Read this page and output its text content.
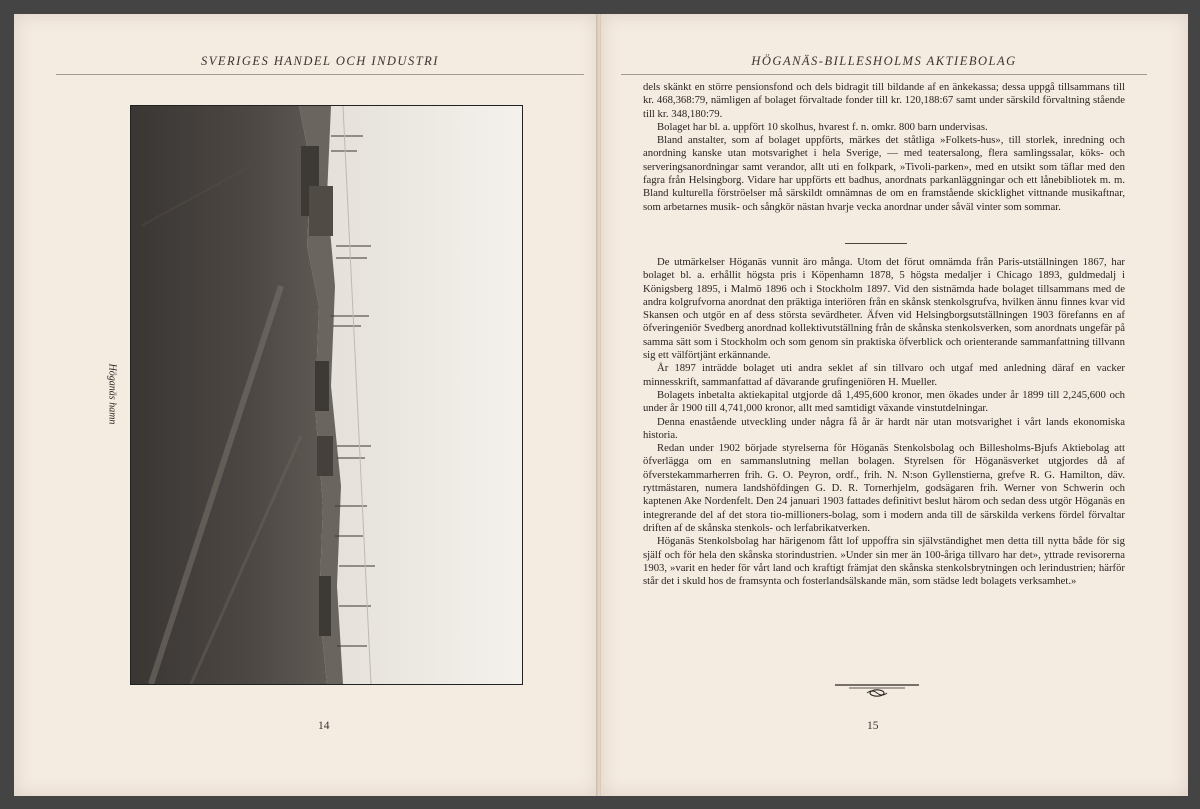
SVERIGES HANDEL OCH INDUSTRI
Höganäs hamn
14
HÖGANÄS-BILLESHOLMS AKTIEBOLAG

dels skänkt en större pensionsfond och dels bidragit till bildande af en änkekassa; dessa uppgå tillsammans till kr. 468,368:79, nämligen af bolaget förvaltade fonder till kr. 120,188:67 samt under särskild förvaltning stående till kr. 348,180:79.

Bolaget har bl. a. uppfört 10 skolhus, hvarest f. n. omkr. 800 barn undervisas.

Bland anstalter, som af bolaget uppförts, märkes det ståtliga »Folkets-hus», till storlek, inredning och anordning kanske utan motsvarighet i hela Sverige, — med teatersalong, flera samlingssalar, köks- och serveringsanordningar samt verandor, allt uti en folkpark, »Tivoli-parken», med en utsikt som täflar med den fagra från Helsingborg. Vidare har uppförts ett badhus, anordnats parkanläggningar och ett lånebibliotek m. m. Bland kulturella förströelser må särskildt omnämnas de om en framstående skicklighet vittnande musikaftnar, som arbetarnes musik- och sångkör nästan hvarje vecka anordnar under såväl vinter som sommar.

De utmärkelser Höganäs vunnit äro många. Utom det förut omnämda från Paris-utställningen 1867, har bolaget bl. a. erhållit högsta pris i Köpenhamn 1878, 5 högsta medaljer i Chicago 1893, guldmedalj i Königsberg 1895, i Malmö 1896 och i Stockholm 1897. Vid den sistnämda hade bolaget tillsammans med de andra kolgrufvorna anordnat den präktiga interiören från en skånsk stenkolsgrufva, hvilken ännu finnes kvar vid Skansen och utgör en af dess största sevärdheter. Äfven vid Helsingborgsutställningen 1903 förefanns en af öfveringeniör Svedberg anordnad kollektivutställning från de skånska stenkolsverken, som anordnats ungefär på samma sätt som i Stockholm och som genom sin praktiska öfverblick och orienterande sammanfattning tillvann sig ett välförtjänt erkännande.

År 1897 inträdde bolaget uti andra seklet af sin tillvaro och utgaf med anledning däraf en vacker minnesskrift, sammanfattad af dävarande grufingeniören H. Mueller.

Bolagets inbetalta aktiekapital utgjorde då 1,495,600 kronor, men ökades under år 1899 till 2,245,600 och under år 1900 till 4,741,000 kronor, allt med samtidigt växande vinstutdelningar.

Denna enastående utveckling under några få år är hardt när utan motsvarighet i vårt lands ekonomiska historia.

Redan under 1902 började styrelserna för Höganäs Stenkolsbolag och Billesholms-Bjufs Aktiebolag att öfverlägga om en sammanslutning mellan bolagen. Styrelsen för Höganäsverket utgjordes då af öfverstekammarherren frih. G. O. Peyron, ordf., frih. N. N:son Gyllenstierna, grefve R. G. Hamilton, däv. ryttmästaren, numera landshöfdingen G. D. R. Tornerhjelm, godsägaren frih. Werner von Schwerin och kaptenen Ake Nordenfelt. Den 24 januari 1903 fattades definitivt beslut härom och sedan dess utgör Höganäs en integrerande del af det stora tio-millioners-bolag, som i modern anda till de särskilda verkens fördel förvaltar driften af de skånska stenkols- och lerfabrikatverken.

Höganäs Stenkolsbolag har härigenom fått lof uppoffra sin självständighet men detta till nytta både för sig själf och för hela den skånska storindustrien. »Under sin mer än 100-åriga tillvaro har det», yttrade revisorerna 1903, »varit en heder för vårt land och kraftigt främjat den skånska stenkolsbrytningen och lerindustrien; härför står det i skuld hos de framsynta och fosterlandsälskande män, som städse ledt bolagets verksamhet.»

15
